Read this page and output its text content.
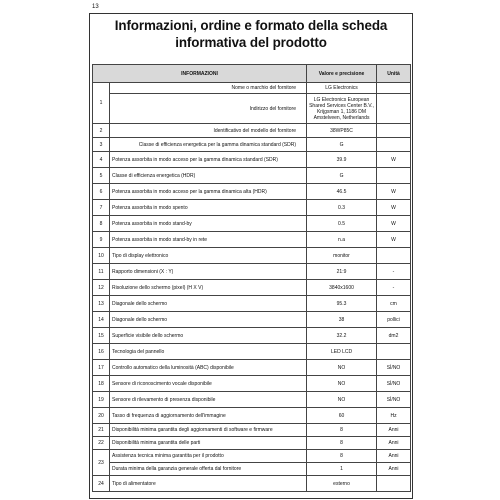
13
Informazioni, ordine e formato della scheda informativa del prodotto
INFORMAZIONI		Valore e precisione	Unità
1	Nome o marchio del fornitore	LG Electronics	
	Indirizzo del fornitore	LG Electronics European Shared Services Center B.V., Krijgsman 1, 1186 DM Amstelveen, Netherlands	
2	Identificativo del modello del fornitore	38WP85C	
3	Classe di efficienza energetica per la gamma dinamica standard (SDR)	G	
4	Potenza assorbita in modo acceso per la gamma dinamica standard (SDR)	39.9	W
5	Classe di efficienza energetica (HDR)	G	
6	Potenza assorbita in modo acceso per la gamma dinamica alta (HDR)	46.5	W
7	Potenza assorbita in modo spento	0.3	W
8	Potenza assorbita in modo stand-by	0.5	W
9	Potenza assorbita in modo stand-by in rete	n.a	W
10	Tipo di display elettronico	monitor	
11	Rapporto dimensioni (X : Y)	21:9	-
12	Risoluzione dello schermo (pixel) (H X V)	3840x1600	-
13	Diagonale dello schermo	95.3	cm
14	Diagonale dello schermo	38	pollici
15	Superficie visibile dello schermo	32.2	dm2
16	Tecnologia del pannello	LED LCD	
17	Controllo automatico della luminosità (ABC) disponibile	NO	SÌ/NO
18	Sensore di riconoscimento vocale disponibile	NO	SÌ/NO
19	Sensore di rilevamento di presenza disponibile	NO	SÌ/NO
20	Tasso di frequenza di aggiornamento dell'immagine	60	Hz
21	Disponibilità minima garantita degli aggiornamenti di software e firmware	8	Anni
22	Disponibilità minima garantita delle parti	8	Anni
23	Assistenza tecnica minima garantita per il prodotto	8	Anni
	Durata minima della garanzia generale offerta dal fornitore	1	Anni
24	Tipo di alimentatore	esterno	
